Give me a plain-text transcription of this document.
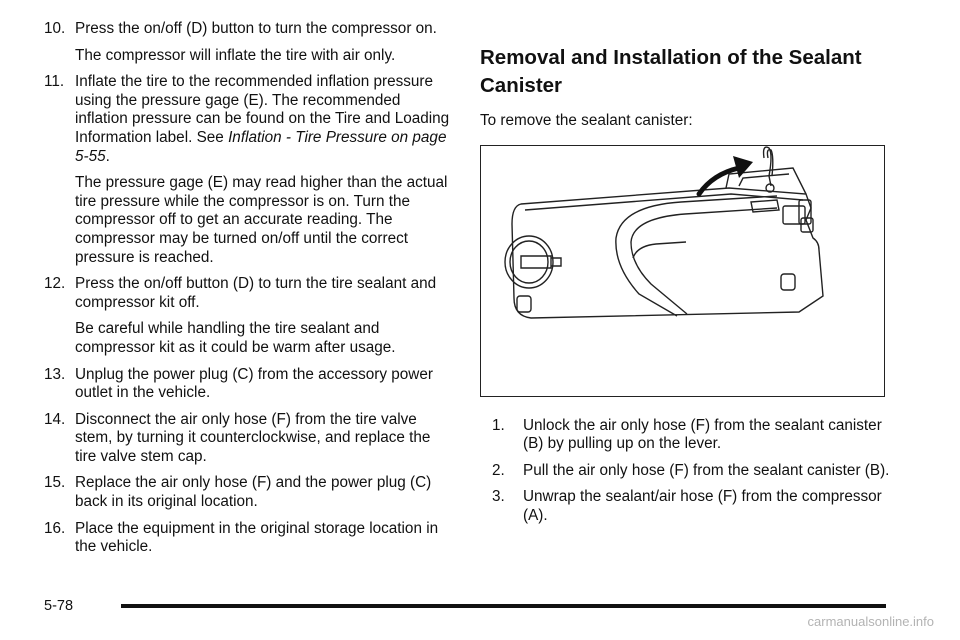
10. Press the on/off (D) button to turn the compressor on.

The compressor will inflate the tire with air only.

11. Inflate the tire to the recommended inflation pressure using the pressure gage (E). The recommended inflation pressure can be found on the Tire and Loading Information label. See Inflation - Tire Pressure on page 5-55.

The pressure gage (E) may read higher than the actual tire pressure while the compressor is on. Turn the compressor off to get an accurate reading. The compressor may be turned on/off until the correct pressure is reached.

12. Press the on/off button (D) to turn the tire sealant and compressor kit off.

Be careful while handling the tire sealant and compressor kit as it could be warm after usage.

13. Unplug the power plug (C) from the accessory power outlet in the vehicle.

14. Disconnect the air only hose (F) from the tire valve stem, by turning it counterclockwise, and replace the tire valve stem cap.

15. Replace the air only hose (F) and the power plug (C) back in its original location.

16. Place the equipment in the original storage location in the vehicle.

Removal and Installation of the Sealant Canister

To remove the sealant canister:

1. Unlock the air only hose (F) from the sealant canister (B) by pulling up on the lever.

2. Pull the air only hose (F) from the sealant canister (B).

3. Unwrap the sealant/air hose (F) from the compressor (A).

5-78
carmanualsonline.info
